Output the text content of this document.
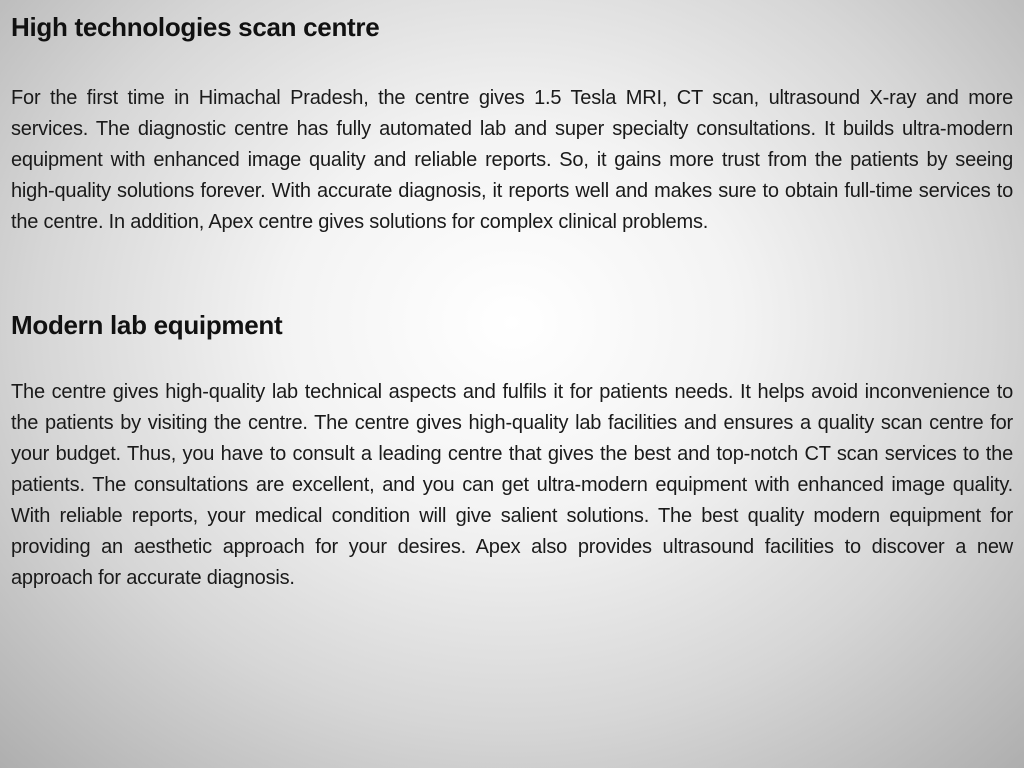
High technologies scan centre

For the first time in Himachal Pradesh, the centre gives 1.5 Tesla MRI, CT scan, ultrasound X-ray and more services. The diagnostic centre has fully automated lab and super specialty consultations. It builds ultra-modern equipment with enhanced image quality and reliable reports. So, it gains more trust from the patients by seeing high-quality solutions forever. With accurate diagnosis, it reports well and makes sure to obtain full-time services to the centre. In addition, Apex centre gives solutions for complex clinical problems.

Modern lab equipment

The centre gives high-quality lab technical aspects and fulfils it for patients needs. It helps avoid inconvenience to the patients by visiting the centre. The centre gives high-quality lab facilities and ensures a quality scan centre for your budget. Thus, you have to consult a leading centre that gives the best and top-notch CT scan services to the patients. The consultations are excellent, and you can get ultra-modern equipment with enhanced image quality. With reliable reports, your medical condition will give salient solutions. The best quality modern equipment for providing an aesthetic approach for your desires. Apex also provides ultrasound facilities to discover a new approach for accurate diagnosis.
